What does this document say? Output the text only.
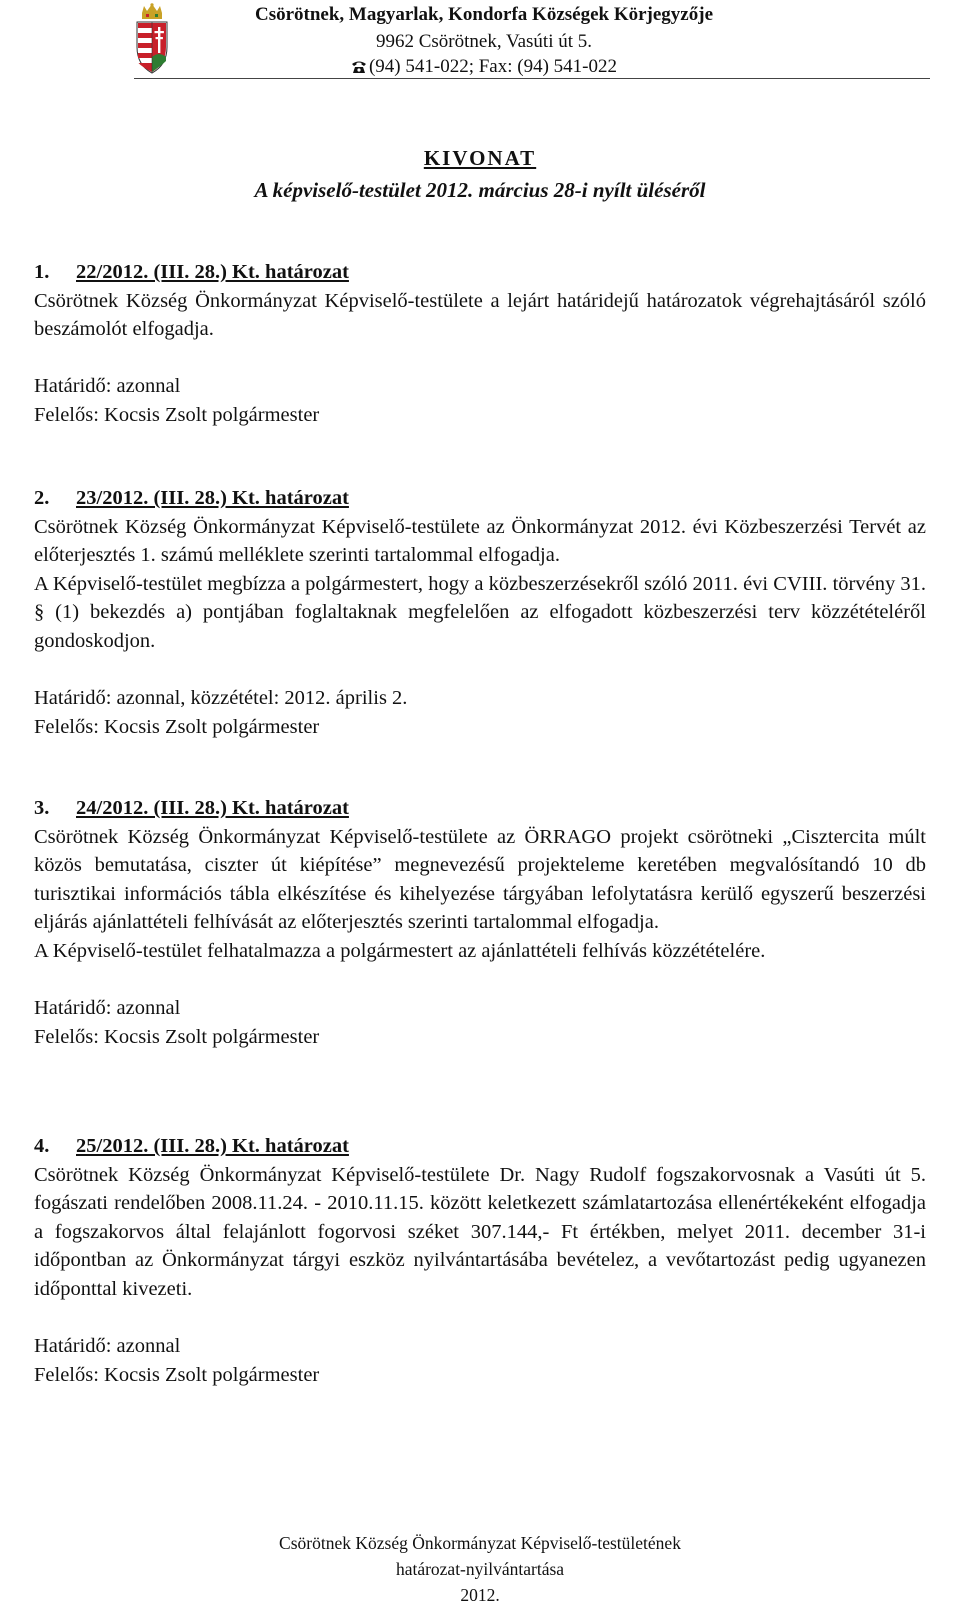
Csörötnek, Magyarlak, Kondorfa Községek Körjegyzője
9962 Csörötnek, Vasúti út 5.
(94) 541-022; Fax: (94) 541-022
KIVONAT
A képviselő-testület 2012. március 28-i nyílt üléséről
1. 22/2012. (III. 28.) Kt. határozat

Csörötnek Község Önkormányzat Képviselő-testülete a lejárt határidejű határozatok végrehajtásáról szóló beszámolót elfogadja.

Határidő: azonnal

Felelős: Kocsis Zsolt polgármester

2. 23/2012. (III. 28.) Kt. határozat

Csörötnek Község Önkormányzat Képviselő-testülete az Önkormányzat 2012. évi Közbeszerzési Tervét az előterjesztés 1. számú melléklete szerinti tartalommal elfogadja.

A Képviselő-testület megbízza a polgármestert, hogy a közbeszerzésekről szóló 2011. évi CVIII. törvény 31. § (1) bekezdés a) pontjában foglaltaknak megfelelően az elfogadott közbeszerzési terv közzétételéről gondoskodjon.

Határidő: azonnal, közzététel: 2012. április 2.

Felelős: Kocsis Zsolt polgármester

3. 24/2012. (III. 28.) Kt. határozat

Csörötnek Község Önkormányzat Képviselő-testülete az ÖRRAGO projekt csörötneki „Cisztercita múlt közös bemutatása, ciszter út kiépítése” megnevezésű projekteleme keretében megvalósítandó 10 db turisztikai információs tábla elkészítése és kihelyezése tárgyában lefolytatásra kerülő egyszerű beszerzési eljárás ajánlattételi felhívását az előterjesztés szerinti tartalommal elfogadja.

A Képviselő-testület felhatalmazza a polgármestert az ajánlattételi felhívás közzétételére.

Határidő: azonnal

Felelős: Kocsis Zsolt polgármester

4. 25/2012. (III. 28.) Kt. határozat

Csörötnek Község Önkormányzat Képviselő-testülete Dr. Nagy Rudolf fogszakorvosnak a Vasúti út 5. fogászati rendelőben 2008.11.24. - 2010.11.15. között keletkezett számlatartozása ellenértékeként elfogadja a fogszakorvos által felajánlott fogorvosi széket 307.144,- Ft értékben, melyet 2011. december 31-i időpontban az Önkormányzat tárgyi eszköz nyilvántartásába bevételez, a vevőtartozást pedig ugyanezen időponttal kivezeti.

Határidő: azonnal

Felelős: Kocsis Zsolt polgármester

Csörötnek Község Önkormányzat Képviselő-testületének
határozat-nyilvántartása
2012.
